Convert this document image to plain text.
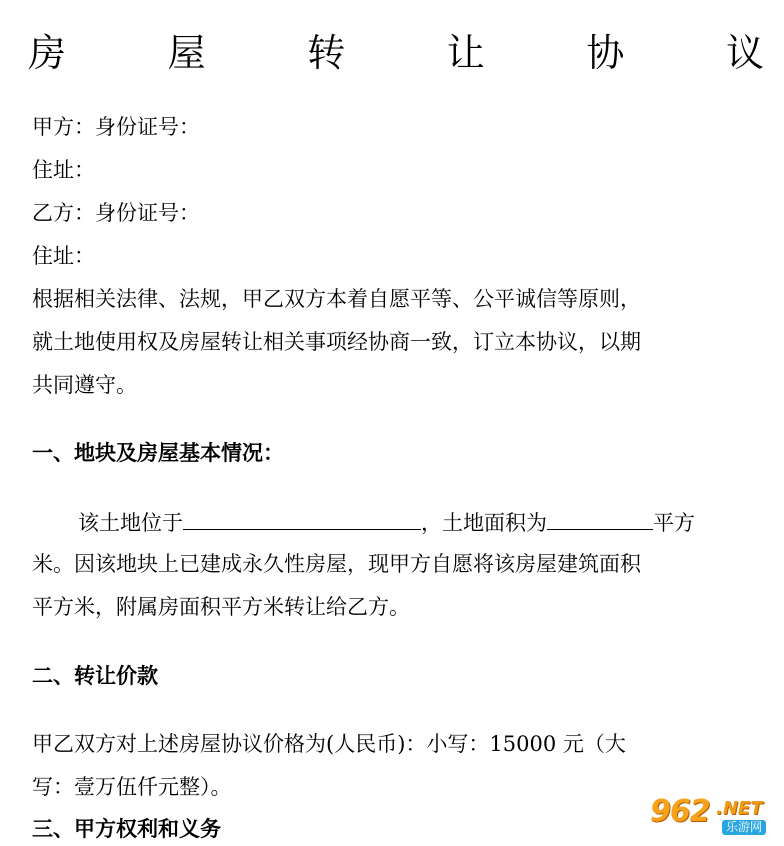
房	屋	转	让	协	议
甲方：身份证号：
住址：
乙方：身份证号：
住址：
根据相关法律、法规，甲乙双方本着自愿平等、公平诚信等原则，
就土地使用权及房屋转让相关事项经协商一致，订立本协议，以期
共同遵守。
一、地块及房屋基本情况：
该土地位于	，土地面积为	平方
米。因该地块上已建成永久性房屋，现甲方自愿将该房屋建筑面积
平方米，附属房面积平方米转让给乙方。
二、转让价款
甲乙双方对上述房屋协议价格为(人民币)：小写：15000 元（大
写：壹万伍仟元整）。
三、甲方权利和义务	962 .NET
乐游网
